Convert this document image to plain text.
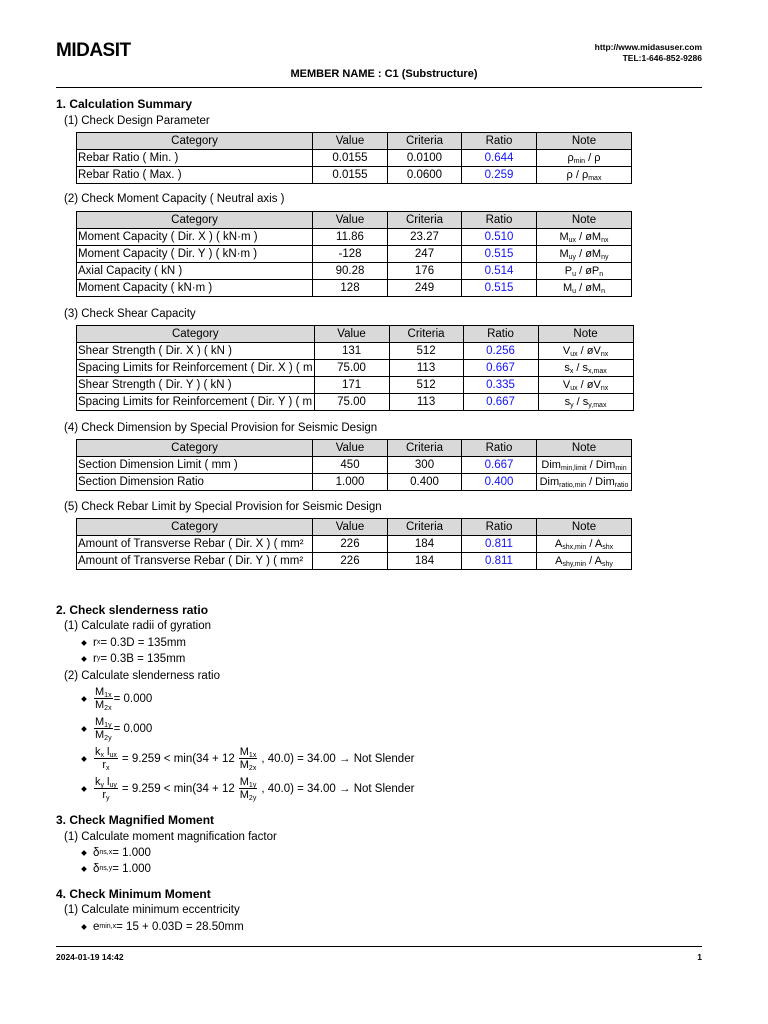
MIDASIT	http://www.midasuser.com
TEL:1-646-852-9286
MEMBER NAME : C1 (Substructure)
1. Calculation Summary
(1) Check Design Parameter
Category	Value	Criteria	Ratio	Note
Rebar Ratio ( Min. )	0.0155	0.0100	0.644	$\rho_{min}$ / ρ
Rebar Ratio ( Max. )	0.0155	0.0600	0.259	ρ / $\rho_{max}$
(2) Check Moment Capacity ( Neutral axis )
Category	Value	Criteria	Ratio	Note
Moment Capacity ( Dir. X ) ( kN·m )	11.86	23.27	0.510	$M_{ux}$ / $øM_{nx}$
Moment Capacity ( Dir. Y ) ( kN·m )	-128	247	0.515	$M_{uy}$ / $øM_{ny}$
Axial Capacity ( kN )	90.28	176	0.514	$P_u$ / $øP_n$
Moment Capacity ( kN·m )	128	249	0.515	$M_u$ / $øM_n$
(3) Check Shear Capacity
Category	Value	Criteria	Ratio	Note
Shear Strength ( Dir. X ) ( kN )	131	512	0.256	$V_{ux}$ / $øV_{nx}$
Spacing Limits for Reinforcement ( Dir. X ) ( m	75.00	113	0.667	$s_x / s_{x,max}$
Shear Strength ( Dir. Y ) ( kN )	171	512	0.335	$V_{ux}$ / $øV_{nx}$
Spacing Limits for Reinforcement ( Dir. Y ) ( m	75.00	113	0.667	$s_y / s_{y,max}$
(4) Check Dimension by Special Provision for Seismic Design
Category	Value	Criteria	Ratio	Note
Section Dimension Limit ( mm )	450	300	0.667	Dim$_{min,limit}$ / Dim$_{min}$
Section Dimension Ratio	1.000	0.400	0.400	Dim$_{ratio,min}$ / Dim$_{ratio}$
(5) Check Rebar Limit by Special Provision for Seismic Design
Category	Value	Criteria	Ratio	Note
Amount of Transverse Rebar ( Dir. X ) ( mm²	226	184	0.811	$A_{shx,min} / A_{shx}$
Amount of Transverse Rebar ( Dir. Y ) ( mm²	226	184	0.811	$A_{shy,min} / A_{shy}$
2. Check slenderness ratio
(1) Calculate radii of gyration
r x = 0.3D = 135mm
r y = 0.3B = 135mm
(2) Calculate slenderness ratio
$\frac{M_{1x}}{M_{2x}} = 0.000$
$\frac{M_{1y}}{M_{2y}} = 0.000$
$\frac{k_x l_{ux}}{r_x} = 9.259 < \min(34 + 12 \frac{M_{1x}}{M_{2x}}$ , 40.0) = 34.00 → Not Slender
$\frac{k_y l_{uy}}{r_y} = 9.259 < \min(34 + 12 \frac{M_{1y}}{M_{2y}}$ , 40.0) = 34.00 → Not Slender
3. Check Magnified Moment
(1) Calculate moment magnification factor
δ ns,x = 1.000
δ ns,y = 1.000
4. Check Minimum Moment
(1) Calculate minimum eccentricity
e min,x = 15 + 0.03D = 28.50mm
2024-01-19 14:42	1
